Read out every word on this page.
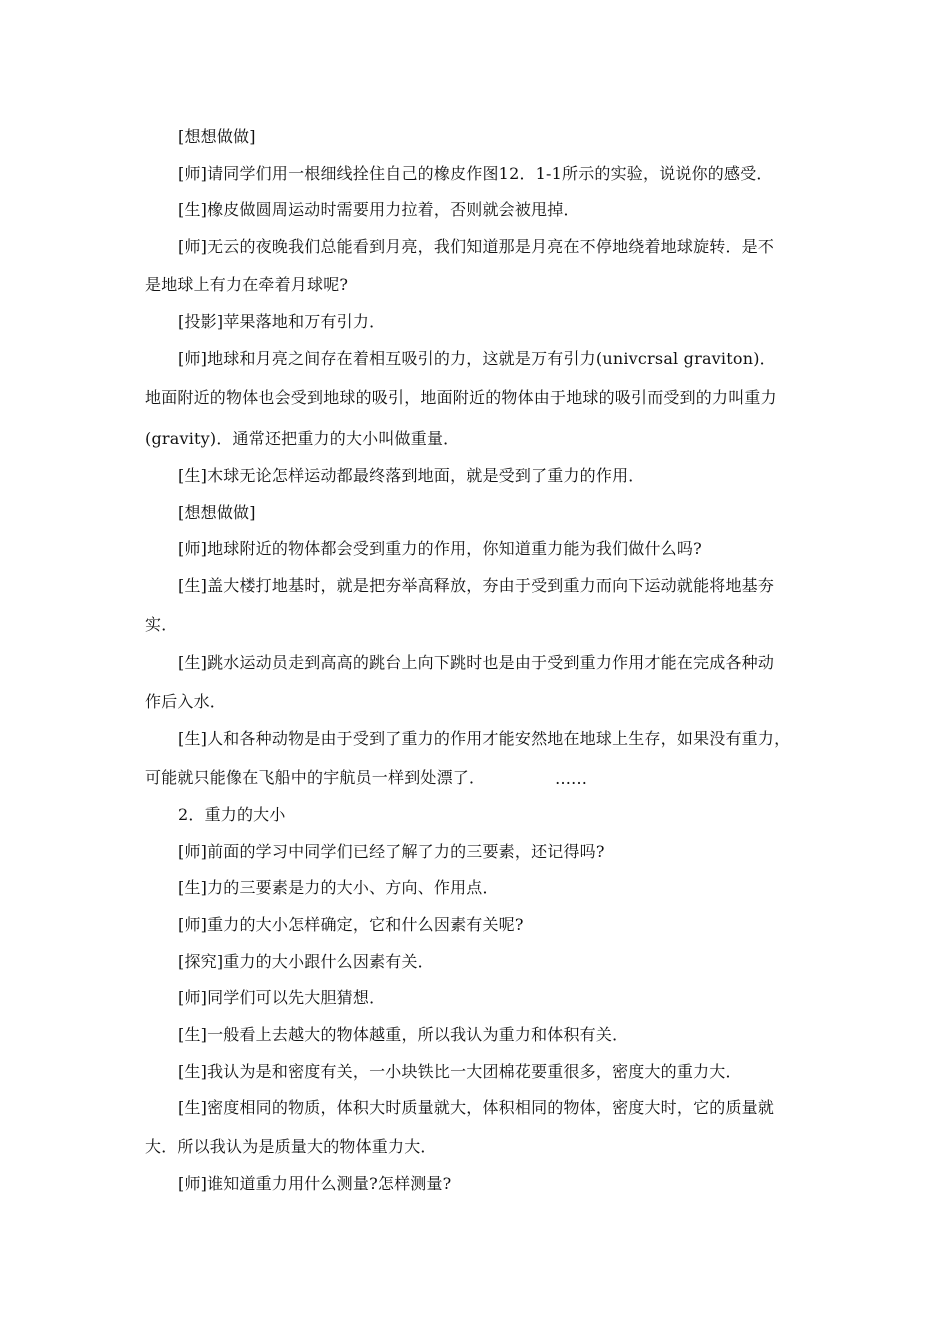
[想想做做]
[师]请同学们用一根细线拴住自己的橡皮作图12．1-1所示的实验，说说你的感受．
[生]橡皮做圆周运动时需要用力拉着，否则就会被甩掉．
[师]无云的夜晚我们总能看到月亮，我们知道那是月亮在不停地绕着地球旋转．是不
是地球上有力在牵着月球呢?
[投影]苹果落地和万有引力．
[师]地球和月亮之间存在着相互吸引的力，这就是万有引力(univcrsal graviton)．
地面附近的物体也会受到地球的吸引，地面附近的物体由于地球的吸引而受到的力叫重力
(gravity)．通常还把重力的大小叫做重量．
[生]木球无论怎样运动都最终落到地面，就是受到了重力的作用．
[想想做做]
[师]地球附近的物体都会受到重力的作用，你知道重力能为我们做什么吗?
[生]盖大楼打地基时，就是把夯举高释放，夯由于受到重力而向下运动就能将地基夯
实．
[生]跳水运动员走到高高的跳台上向下跳时也是由于受到重力作用才能在完成各种动
作后入水．
[生]人和各种动物是由于受到了重力的作用才能安然地在地球上生存，如果没有重力，
可能就只能像在飞船中的宇航员一样到处漂了．	……
2．重力的大小
[师]前面的学习中同学们已经了解了力的三要素，还记得吗?
[生]力的三要素是力的大小、方向、作用点．
[师]重力的大小怎样确定，它和什么因素有关呢?
[探究]重力的大小跟什么因素有关．
[师]同学们可以先大胆猜想．
[生]一般看上去越大的物体越重，所以我认为重力和体积有关．
[生]我认为是和密度有关，一小块铁比一大团棉花要重很多，密度大的重力大．
[生]密度相同的物质，体积大时质量就大，体积相同的物体，密度大时，它的质量就
大．所以我认为是质量大的物体重力大．
[师]谁知道重力用什么测量?怎样测量?
